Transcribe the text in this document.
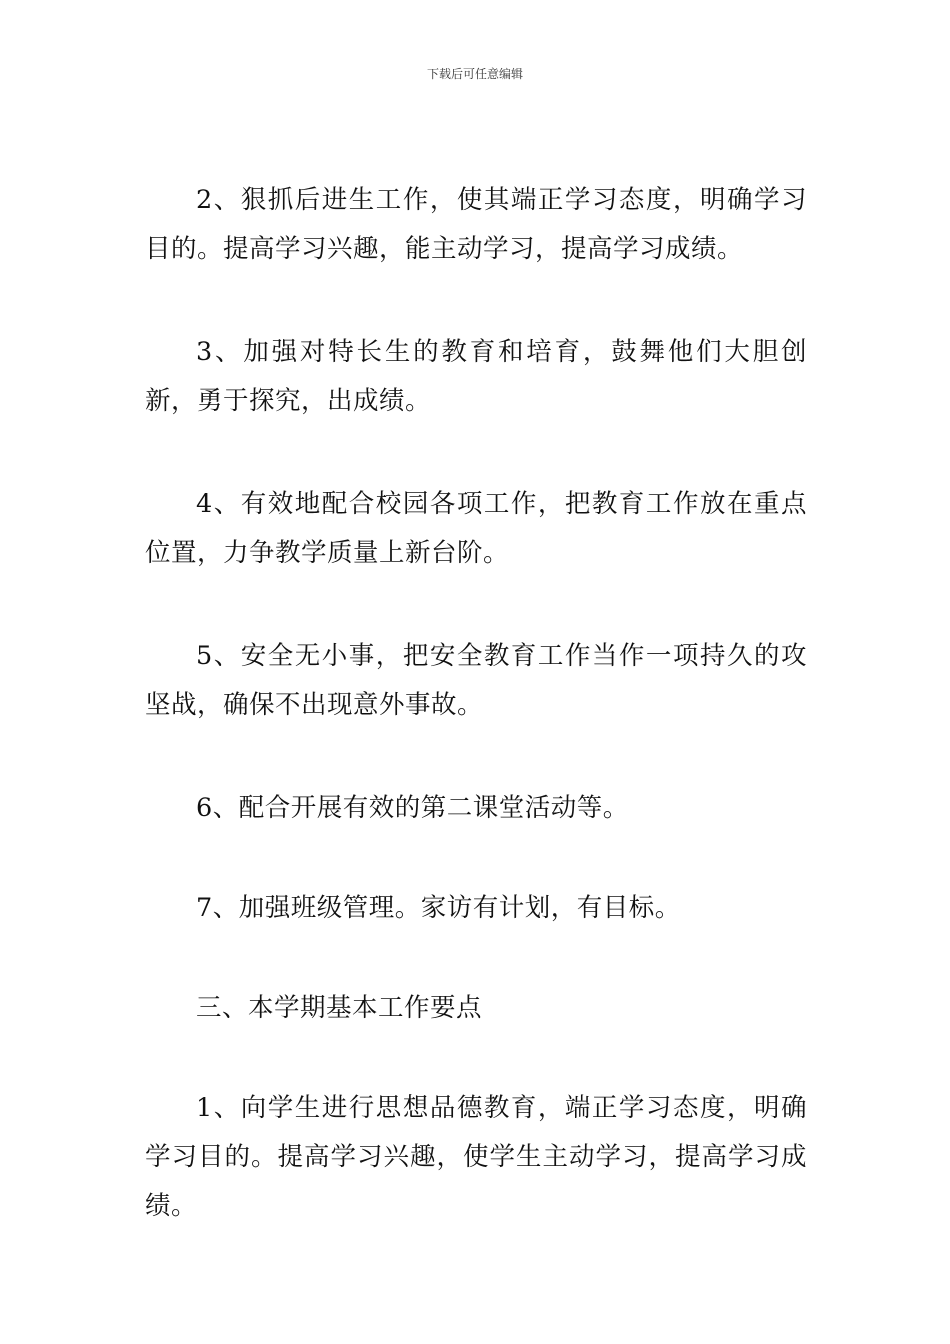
下载后可任意编辑

2、狠抓后进生工作，使其端正学习态度，明确学习目的。提高学习兴趣，能主动学习，提高学习成绩。

3、加强对特长生的教育和培育，鼓舞他们大胆创新，勇于探究，出成绩。

4、有效地配合校园各项工作，把教育工作放在重点位置，力争教学质量上新台阶。

5、安全无小事，把安全教育工作当作一项持久的攻坚战，确保不出现意外事故。

6、配合开展有效的第二课堂活动等。

7、加强班级管理。家访有计划，有目标。

三、本学期基本工作要点

1、向学生进行思想品德教育，端正学习态度，明确学习目的。提高学习兴趣，使学生主动学习，提高学习成绩。
